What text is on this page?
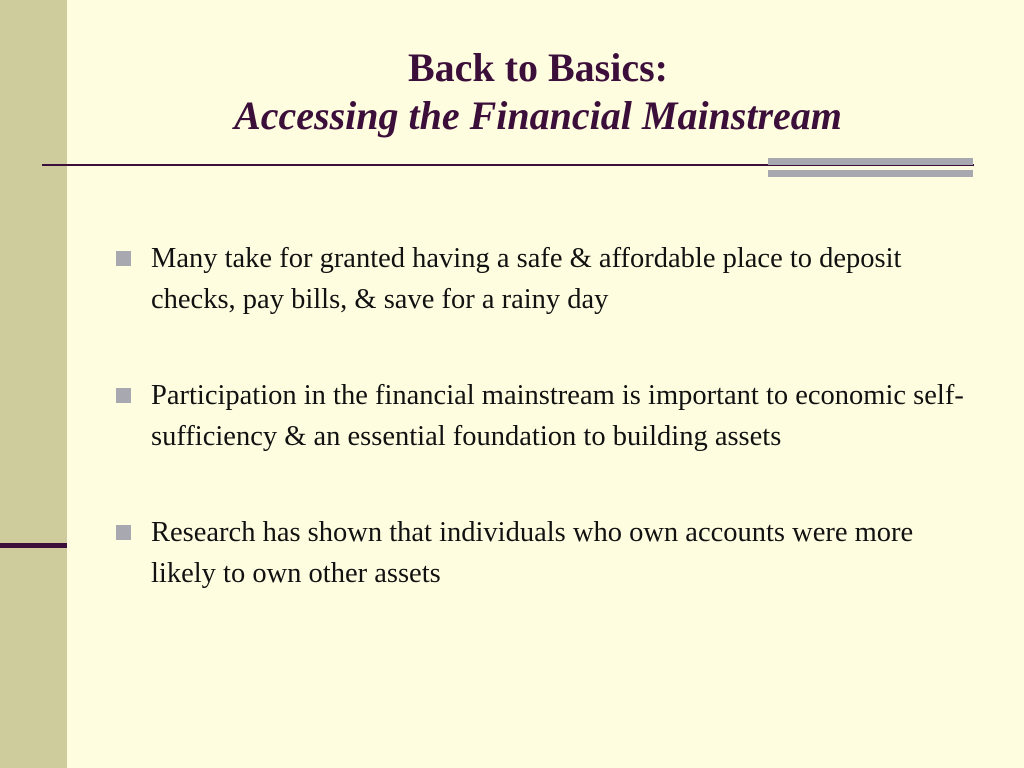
Back to Basics:
Accessing the Financial Mainstream
Many take for granted having a safe & affordable place to deposit checks, pay bills, & save for a rainy day
Participation in the financial mainstream is important to economic self-sufficiency & an essential foundation to building assets
Research has shown that individuals who own accounts were more likely to own other assets
